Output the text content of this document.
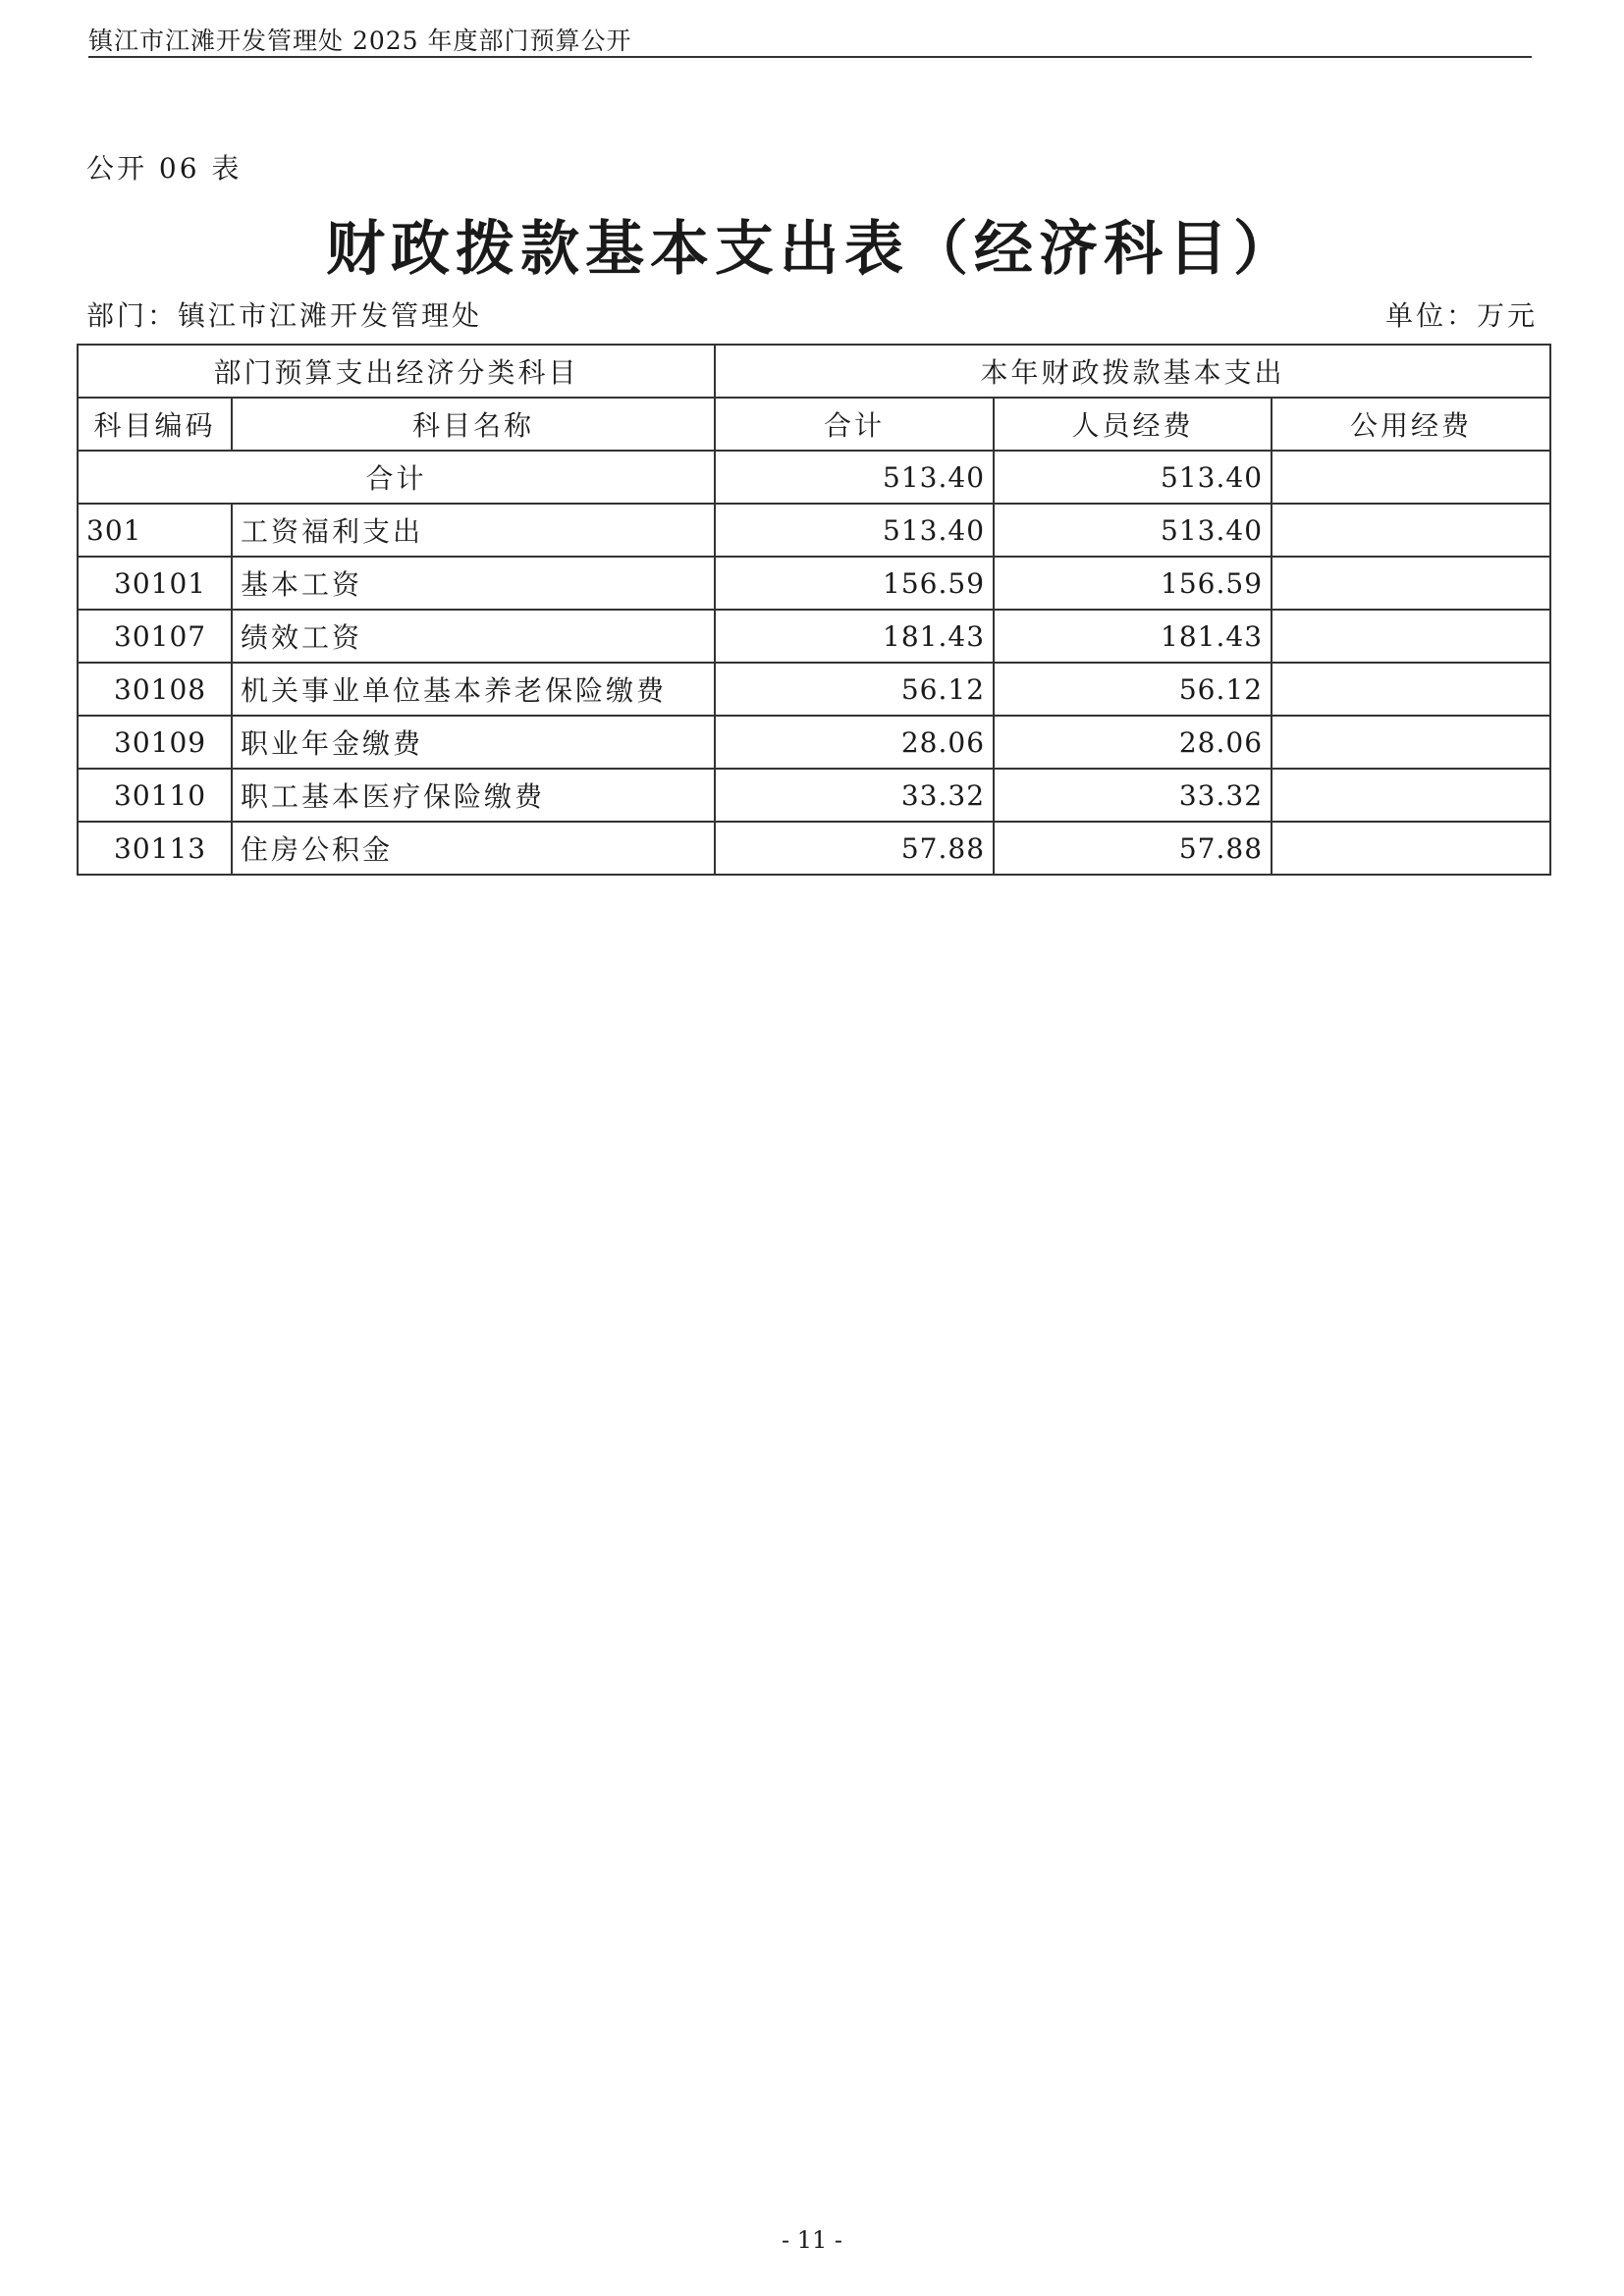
镇江市江滩开发管理处 2025 年度部门预算公开
公开 06 表
财政拨款基本支出表（经济科目）
部门：镇江市江滩开发管理处	单位：万元
部门预算支出经济分类科目		本年财政拨款基本支出		
科目编码	科目名称	合计	人员经费	公用经费
合计		513.40	513.40	
301	工资福利支出	513.40	513.40	
30101	基本工资	156.59	156.59	
30107	绩效工资	181.43	181.43	
30108	机关事业单位基本养老保险缴费	56.12	56.12	
30109	职业年金缴费	28.06	28.06	
30110	职工基本医疗保险缴费	33.32	33.32	
30113	住房公积金	57.88	57.88	
- 11 -
